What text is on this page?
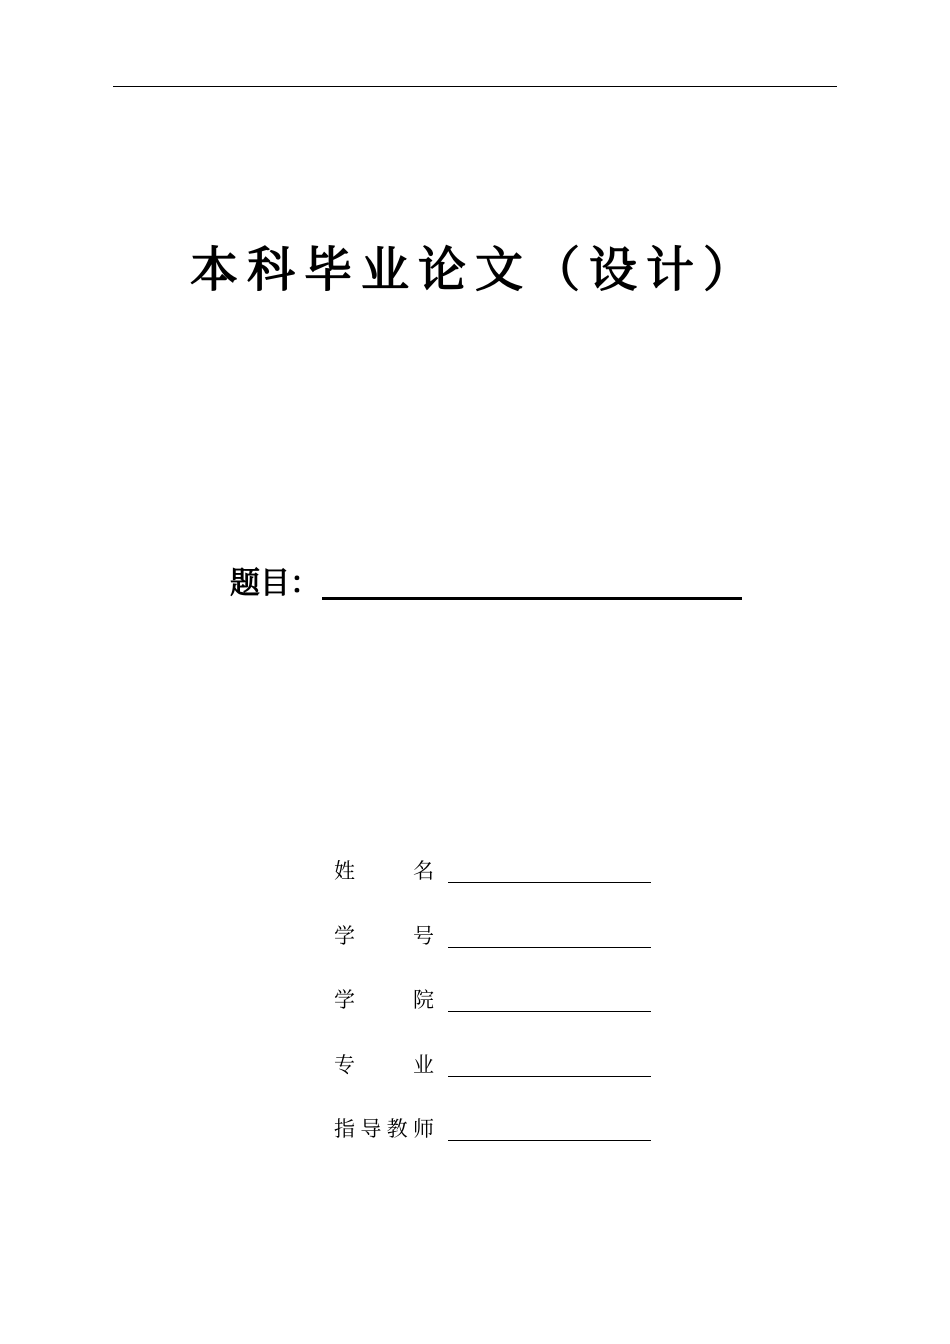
本科毕业论文（设计）
题目：
姓	名
学	号
学	院
专	业
指 导 教 师
